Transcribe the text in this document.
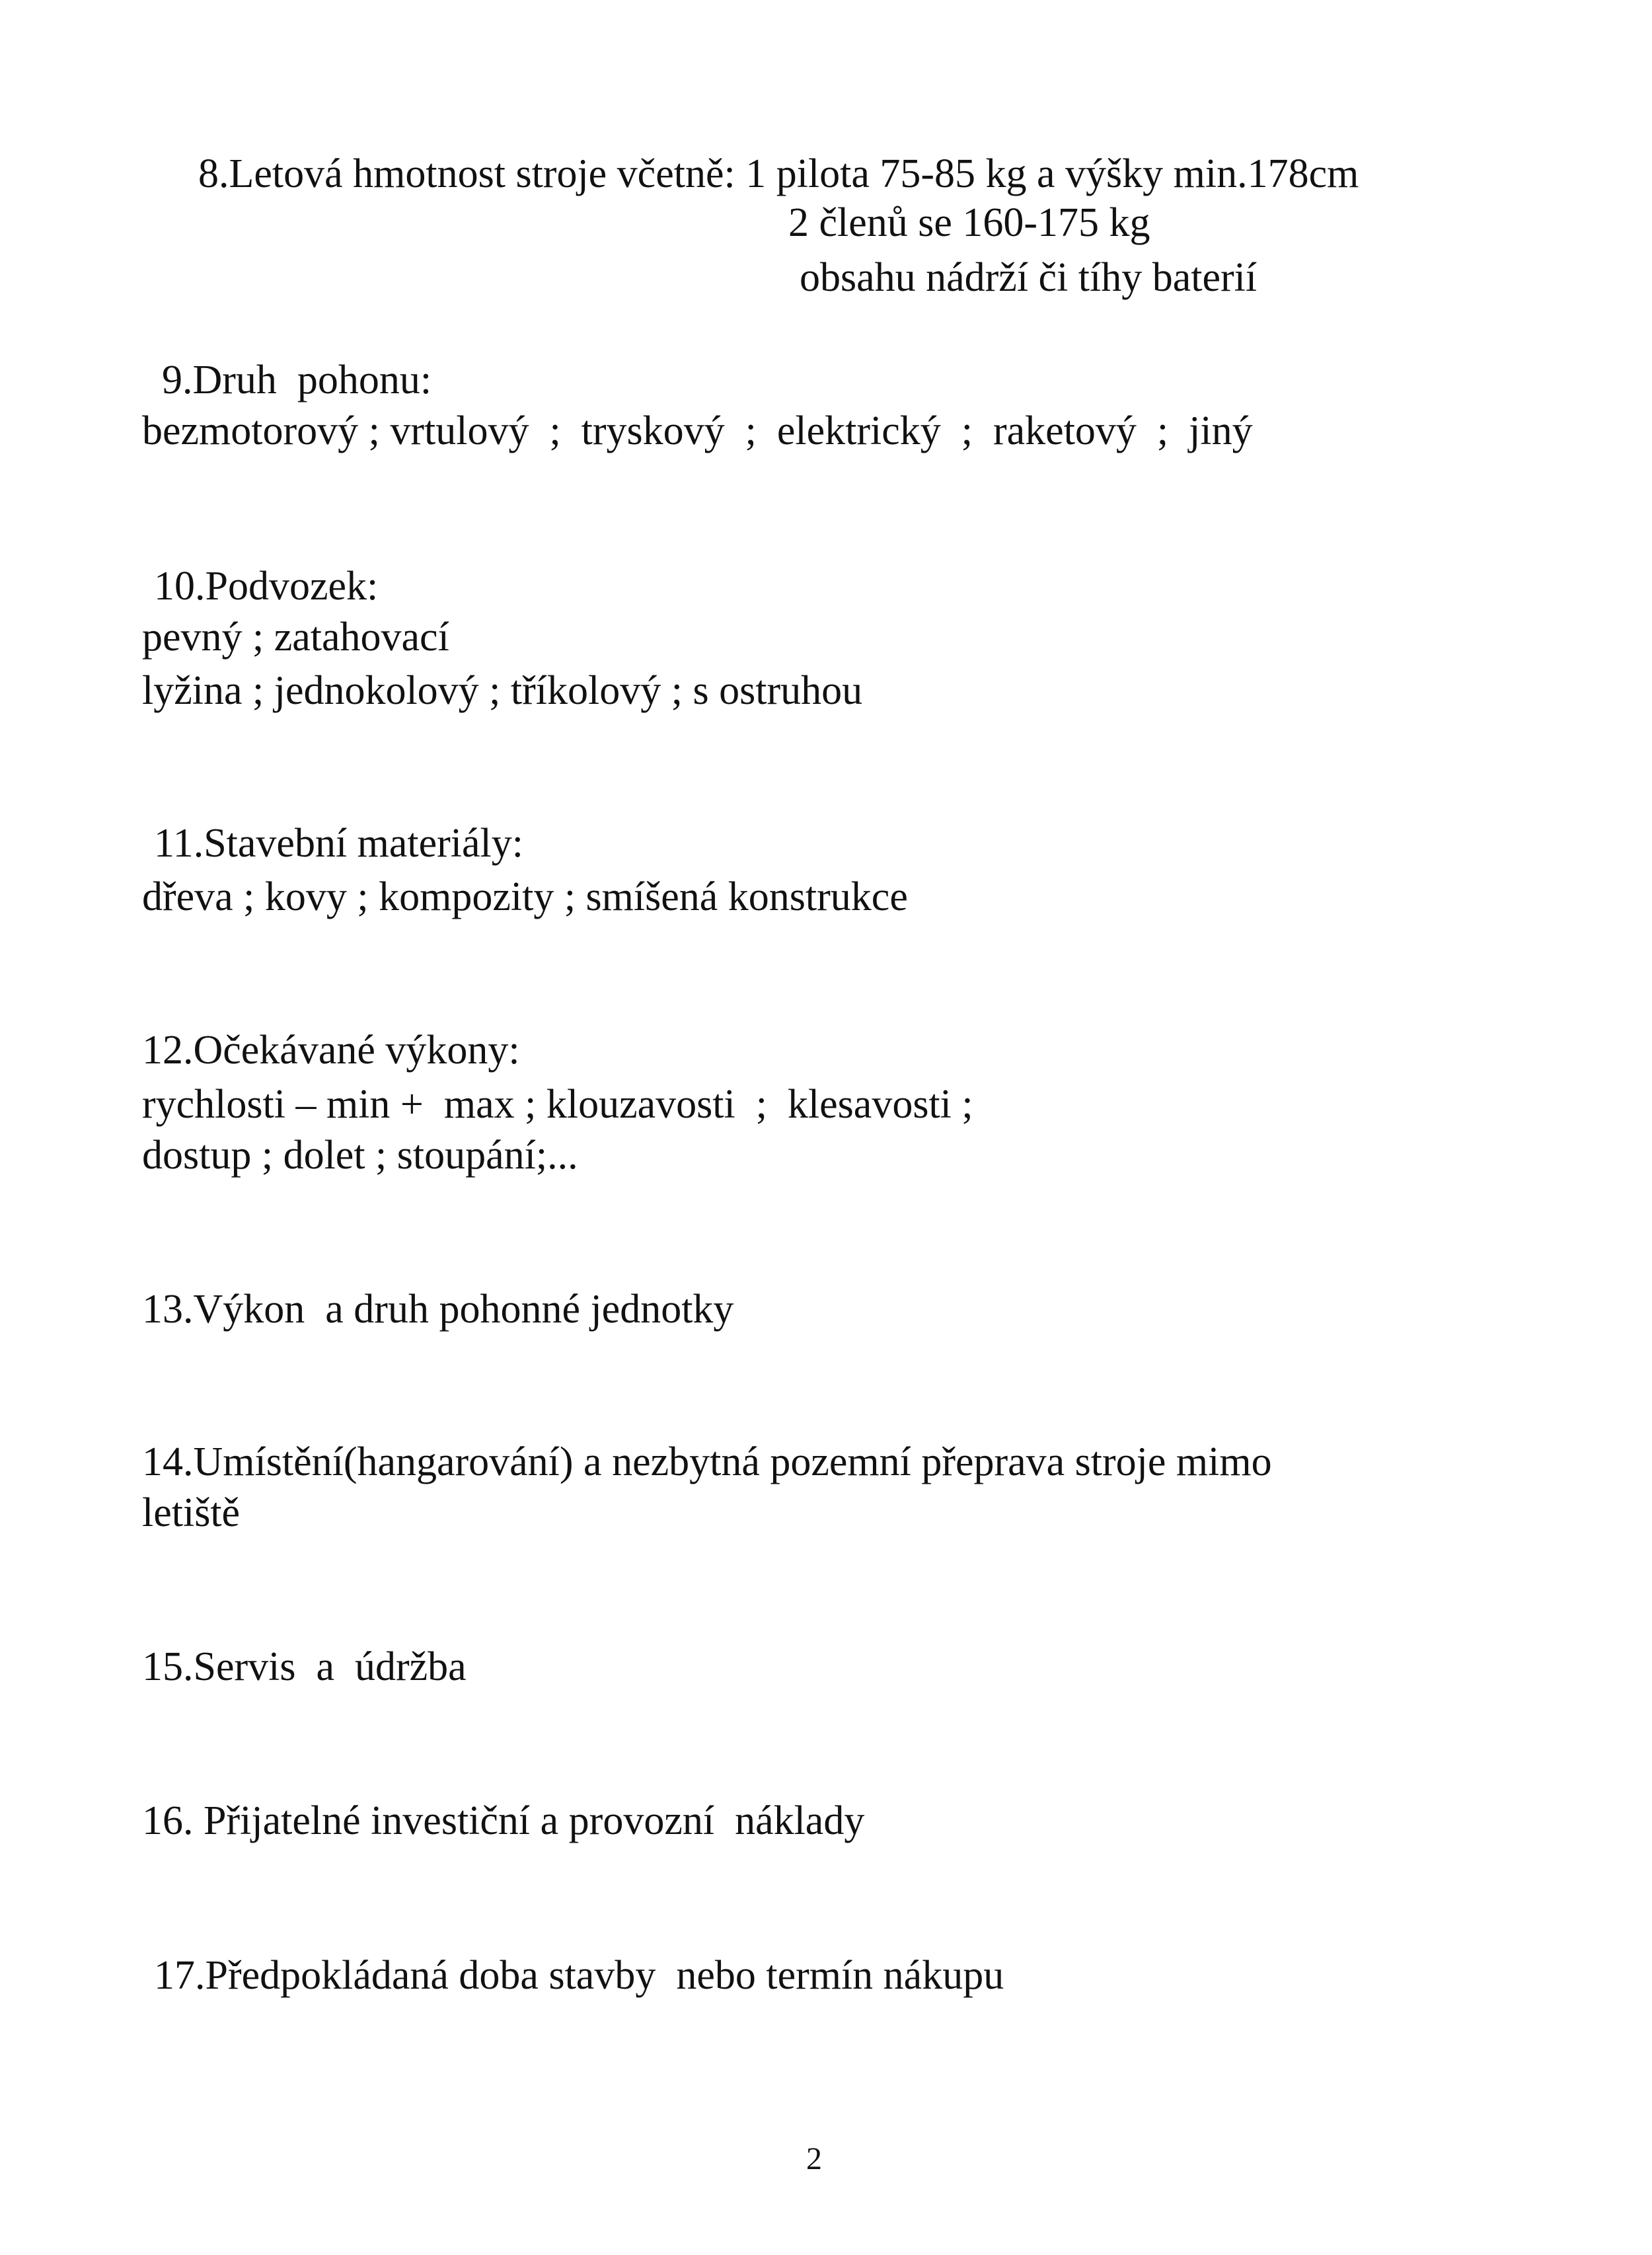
8.Letová hmotnost stroje včetně: 1 pilota 75-85 kg a výšky min.178cm
2 členů se 160-175 kg
obsahu nádrží či tíhy baterií
9.Druh  pohonu:
bezmotorový ; vrtulový  ;  tryskový  ;  elektrický  ;  raketový  ;  jiný
10.Podvozek:
pevný ; zatahovací
lyžina ; jednokolový ; tříkolový ; s ostruhou
11.Stavební materiály:
dřeva ; kovy ; kompozity ; smíšená konstrukce
12.Očekávané výkony:
rychlosti – min +  max ; klouzavosti  ;  klesavosti ;
dostup ; dolet ; stoupání;...
13.Výkon  a druh pohonné jednotky
14.Umístění(hangarování) a nezbytná pozemní přeprava stroje mimo
letiště
15.Servis  a  údržba
16. Přijatelné investiční a provozní  náklady
17.Předpokládaná doba stavby  nebo termín nákupu
2
